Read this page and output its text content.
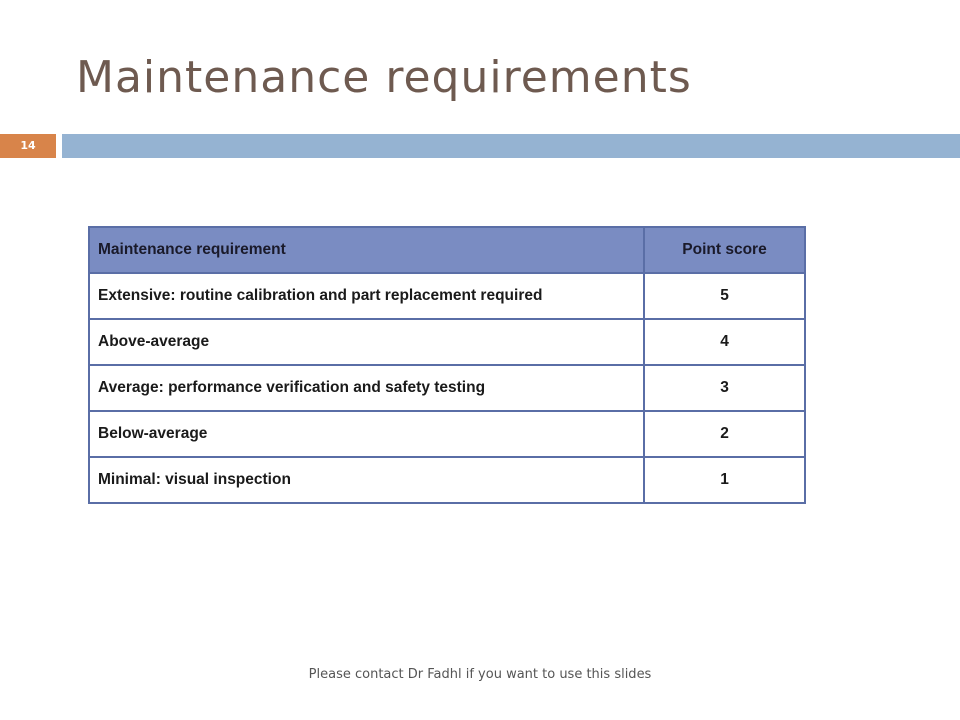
Maintenance requirements
14
Maintenance requirement	Point score
Extensive: routine calibration and part replacement required	5
Above-average	4
Average: performance verification and safety testing	3
Below-average	2
Minimal: visual inspection	1
Please contact Dr Fadhl if you want to use this slides
